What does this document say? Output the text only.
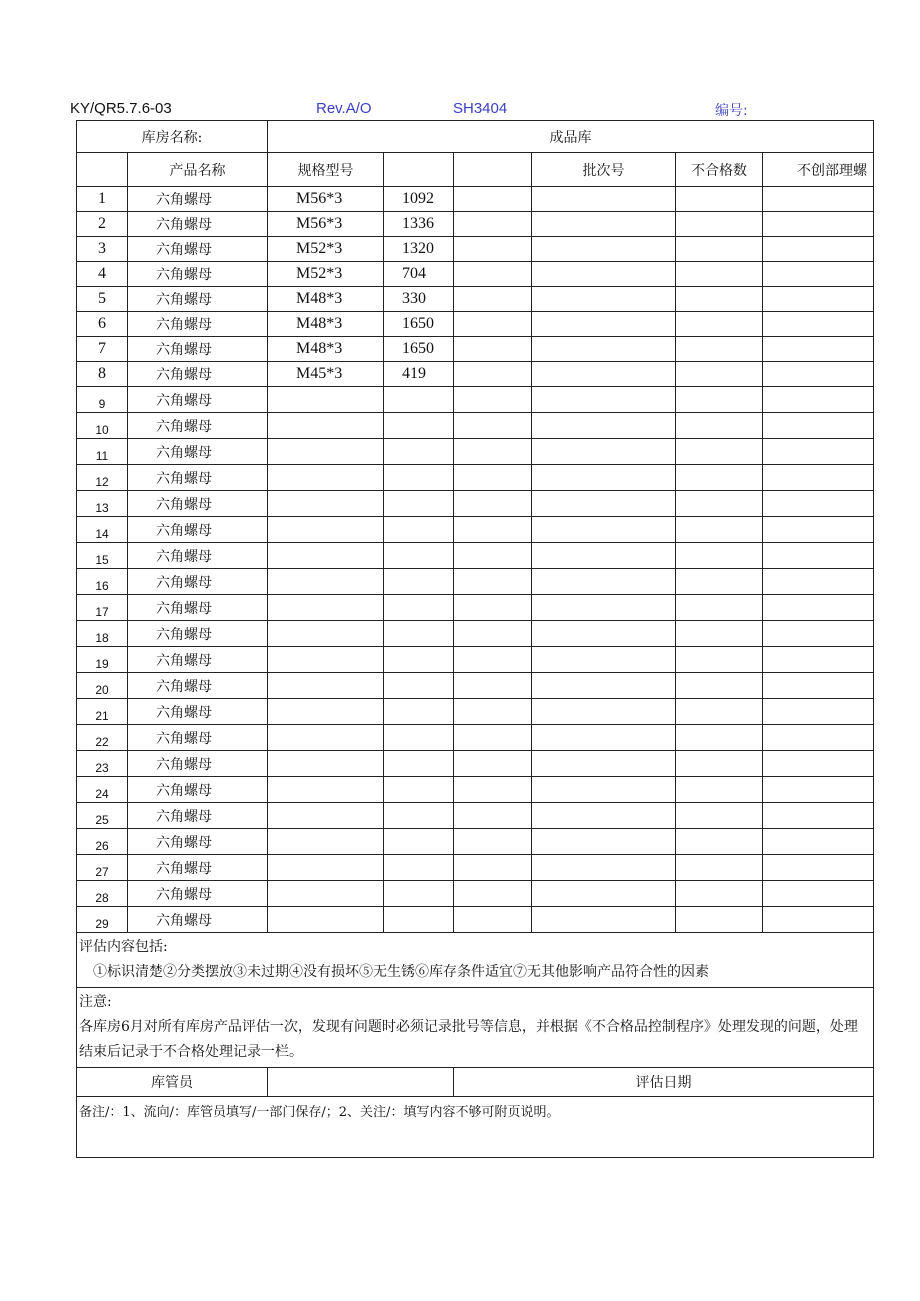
KY/QR5.7.6-03	Rev.A/O	SH3404	编号:
库房名称:		成品库					
	产品名称	规格型号			批次号	不合格数	不创部理螺
1	六角螺母	M56*3	1092				
2	六角螺母	M56*3	1336				
3	六角螺母	M52*3	1320				
4	六角螺母	M52*3	704				
5	六角螺母	M48*3	330				
6	六角螺母	M48*3	1650				
7	六角螺母	M48*3	1650				
8	六角螺母	M45*3	419				
9	六角螺母						
10	六角螺母						
11	六角螺母						
12	六角螺母						
13	六角螺母						
14	六角螺母						
15	六角螺母						
16	六角螺母						
17	六角螺母						
18	六角螺母						
19	六角螺母						
20	六角螺母						
21	六角螺母						
22	六角螺母						
23	六角螺母						
24	六角螺母						
25	六角螺母						
26	六角螺母						
27	六角螺母						
28	六角螺母						
29	六角螺母						

评估内容包括:
①标识清楚②分类摆放③未过期④没有损坏⑤无生锈⑥库存条件适宜⑦无其他影响产品符合性的因素							

注意:
各库房6月对所有库房产品评估一次，发现有问题时必须记录批号等信息，并根据《不合格品控制程序》处理发现的问题，处理结束后记录于不合格处理记录一栏。							

库管员				评估日期			
备注/：1、流向/：库管员填写/一部门保存/；2、关注/：填写内容不够可附页说明。							
